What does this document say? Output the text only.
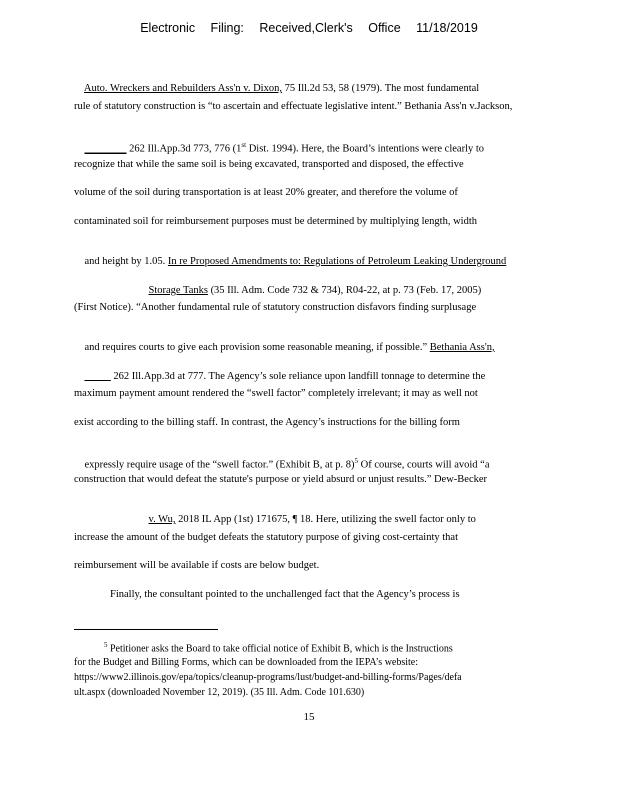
Electronic Filing: Received,Clerk's Office 11/18/2019

Auto. Wreckers and Rebuilders Ass'n v. Dixon, 75 Ill.2d 53, 58 (1979). The most fundamental

rule of statutory construction is “to ascertain and effectuate legislative intent.” Bethania Ass'n v.Jackson,

________ 262 Ill.App.3d 773, 776 (1st Dist. 1994). Here, the Board’s intentions were clearly to

recognize that while the same soil is being excavated, transported and disposed, the effective
volume of the soil during transportation is at least 20% greater, and therefore the volume of
contaminated soil for reimbursement purposes must be determined by multiplying length, width

and height by 1.05. In re Proposed Amendments to: Regulations of Petroleum Leaking Underground

Storage Tanks (35 Ill. Adm. Code 732 & 734), R04-22, at p. 73 (Feb. 17, 2005)

(First Notice). “Another fundamental rule of statutory construction disfavors finding surplusage

and requires courts to give each provision some reasonable meaning, if possible.” Bethania Ass'n,

_____ 262 Ill.App.3d at 777. The Agency’s sole reliance upon landfill tonnage to determine the

maximum payment amount rendered the “swell factor” completely irrelevant; it may as well not
exist according to the billing staff. In contrast, the Agency’s instructions for the billing form

expressly require usage of the “swell factor.” (Exhibit B, at p. 8)$^5$ Of course, courts will avoid “a

construction that would defeat the statute's purpose or yield absurd or unjust results.” Dew-Becker

v. Wu, 2018 IL App (1st) 171675, ¶ 18. Here, utilizing the swell factor only to

increase the amount of the budget defeats the statutory purpose of giving cost-certainty that
reimbursement will be available if costs are below budget.
Finally, the consultant pointed to the unchallenged fact that the Agency’s process is
$^5$ Petitioner asks the Board to take official notice of Exhibit B, which is the Instructions
for the Budget and Billing Forms, which can be downloaded from the IEPA’s website:
https://www2.illinois.gov/epa/topics/cleanup-programs/lust/budget-and-billing-forms/Pages/defa
ult.aspx (downloaded November 12, 2019). (35 Ill. Adm. Code 101.630)
15
